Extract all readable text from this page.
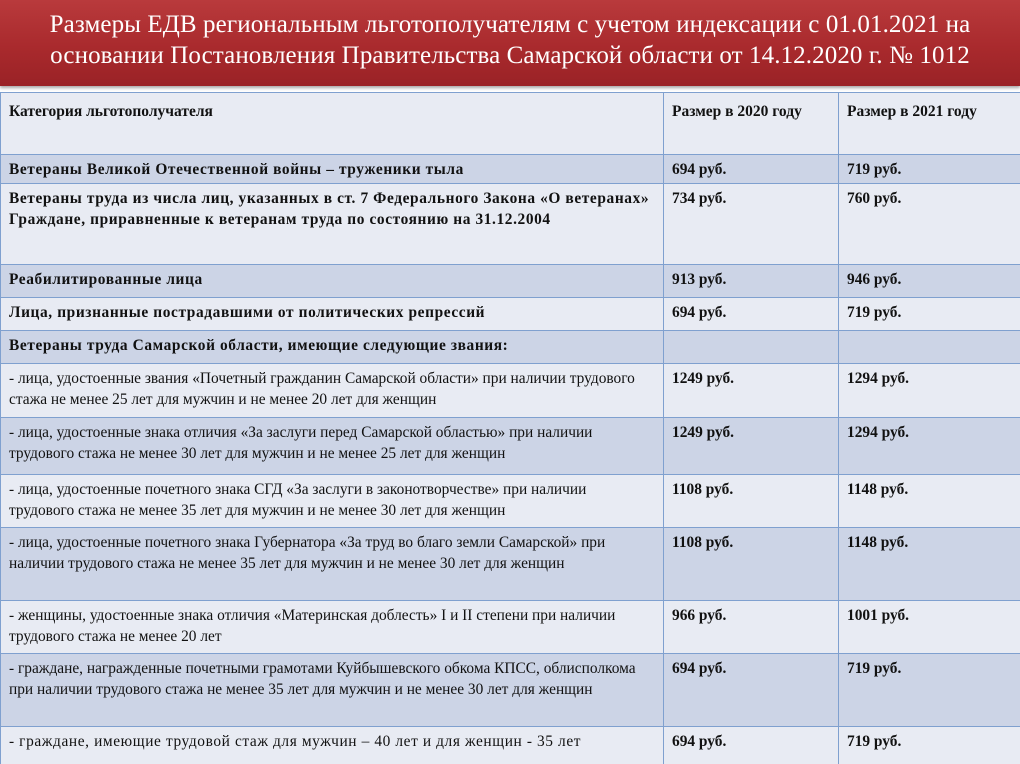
Размеры ЕДВ региональным льготополучателям с учетом индексации с 01.01.2021 на
основании Постановления Правительства Самарской области от 14.12.2020 г. № 1012
Категория льготополучателя	Размер в 2020 году	Размер в 2021 году
Ветераны Великой Отечественной войны – труженики тыла	694 руб.	719 руб.
Ветераны труда из числа лиц, указанных в ст. 7 Федерального Закона «О ветеранах» Граждане, приравненные к ветеранам труда по состоянию на 31.12.2004	734 руб.	760 руб.
Реабилитированные лица	913 руб.	946 руб.
Лица, признанные пострадавшими от политических репрессий	694 руб.	719 руб.
Ветераны труда Самарской области, имеющие следующие звания:		
- лица, удостоенные звания «Почетный гражданин Самарской области» при наличии трудового стажа не менее 25 лет для мужчин и не менее 20 лет для женщин	1249 руб.	1294 руб.
- лица, удостоенные знака отличия «За заслуги перед Самарской областью» при наличии трудового стажа не менее 30 лет для мужчин и не менее 25 лет для женщин	1249 руб.	1294 руб.
- лица, удостоенные почетного знака СГД «За заслуги в законотворчестве» при наличии трудового стажа не менее 35 лет для мужчин и не менее 30 лет для женщин	1108 руб.	1148 руб.
- лица, удостоенные почетного знака Губернатора «За труд во благо земли Самарской» при наличии трудового стажа не менее 35 лет для мужчин и не менее 30 лет для женщин	1108 руб.	1148 руб.
- женщины, удостоенные знака отличия «Материнская доблесть» I и II степени при наличии трудового стажа не менее 20 лет	966 руб.	1001 руб.
- граждане, награжденные почетными грамотами Куйбышевского обкома КПСС, облисполкома при наличии трудового стажа не менее 35 лет для мужчин и не менее 30 лет для женщин	694 руб.	719 руб.
- граждане, имеющие трудовой стаж для мужчин – 40 лет и для женщин - 35 лет	694 руб.	719 руб.
